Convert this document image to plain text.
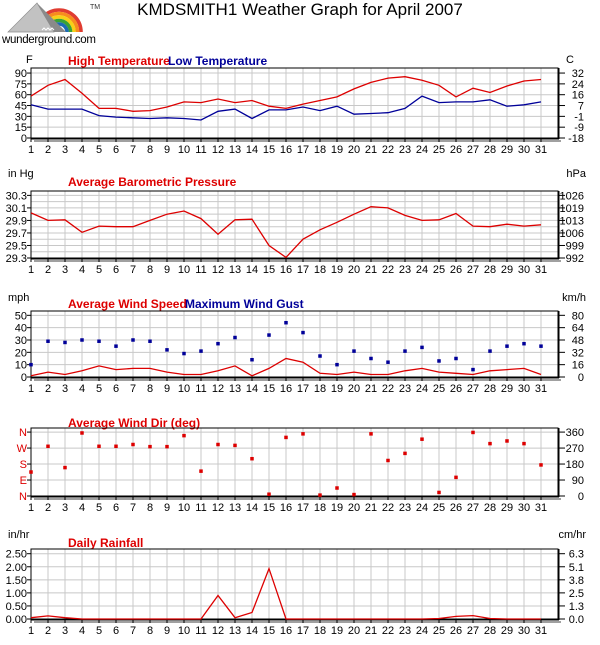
TM
wunderground.com
KMDSMITH1 Weather Graph for April 2007
F	High Temperature
Low Temperature	C
0	-18
15	-9
30	-1
45	7
60	16
75	24
90	32
1 2 3 4 5 6 7 8 9 10 11 12 13 14 15 16 17 18 19 20 21 22 23 24 25 26 27 28 29 30 31
in Hg
Average Barometric Pressure
hPa
29.3	992
29.5	999
29.7	1006
29.9	1013
30.1	1019
30.3	1026
1 2 3 4 5 6 7 8 9 10 11 12 13 14 15 16 17 18 19 20 21 22 23 24 25 26 27 28 29 30 31
mph	Average Wind Speed
Maximum Wind Gust	km/h
0	0
10	16
20	32
30	48
40	64
50	80
1 2 3 4 5 6 7 8 9 10 11 12 13 14 15 16 17 18 19 20 21 22 23 24 25 26 27 28 29 30 31
Average Wind Dir (deg)
N	0
E	90
S	180
W	270
N	360
1 2 3 4 5 6 7 8 9 10 11 12 13 14 15 16 17 18 19 20 21 22 23 24 25 26 27 28 29 30 31
in/hr
Daily Rainfall
cm/hr
0.00	0.0
0.50	1.3
1.00	2.5
1.50	3.8
2.00	5.1
2.50	6.3
1 2 3 4 5 6 7 8 9 10 11 12 13 14 15 16 17 18 19 20 21 22 23 24 25 26 27 28 29 30 31
